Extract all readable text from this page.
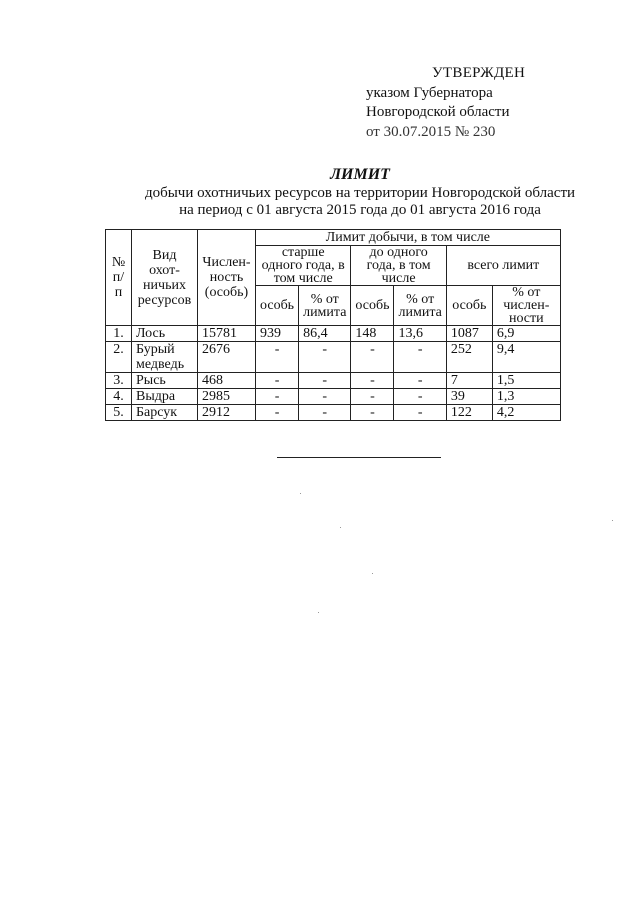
УТВЕРЖДЕН
указом Губернатора
Новгородской области
от 30.07.2015 № 230
ЛИМИТ
добычи охотничьих ресурсов на территории Новгородской области
на период с 01 августа 2015 года до 01 августа 2016 года
№ п/п	Вид охот- ничьих ресурсов	Числен- ность (особь)	Лимит добычи, в том числе					
			старше одного года, в том числе		до одного года, в том числе		всего лимит	
			особь	% от лимита	особь	% от лимита	особь	% от числен- ности
1.	Лось	15781	939	86,4	148	13,6	1087	6,9
2.	Бурый медведь	2676	-	-	-	-	252	9,4
3.	Рысь	468	-	-	-	-	7	1,5
4.	Выдра	2985	-	-	-	-	39	1,3
5.	Барсук	2912	-	-	-	-	122	4,2
